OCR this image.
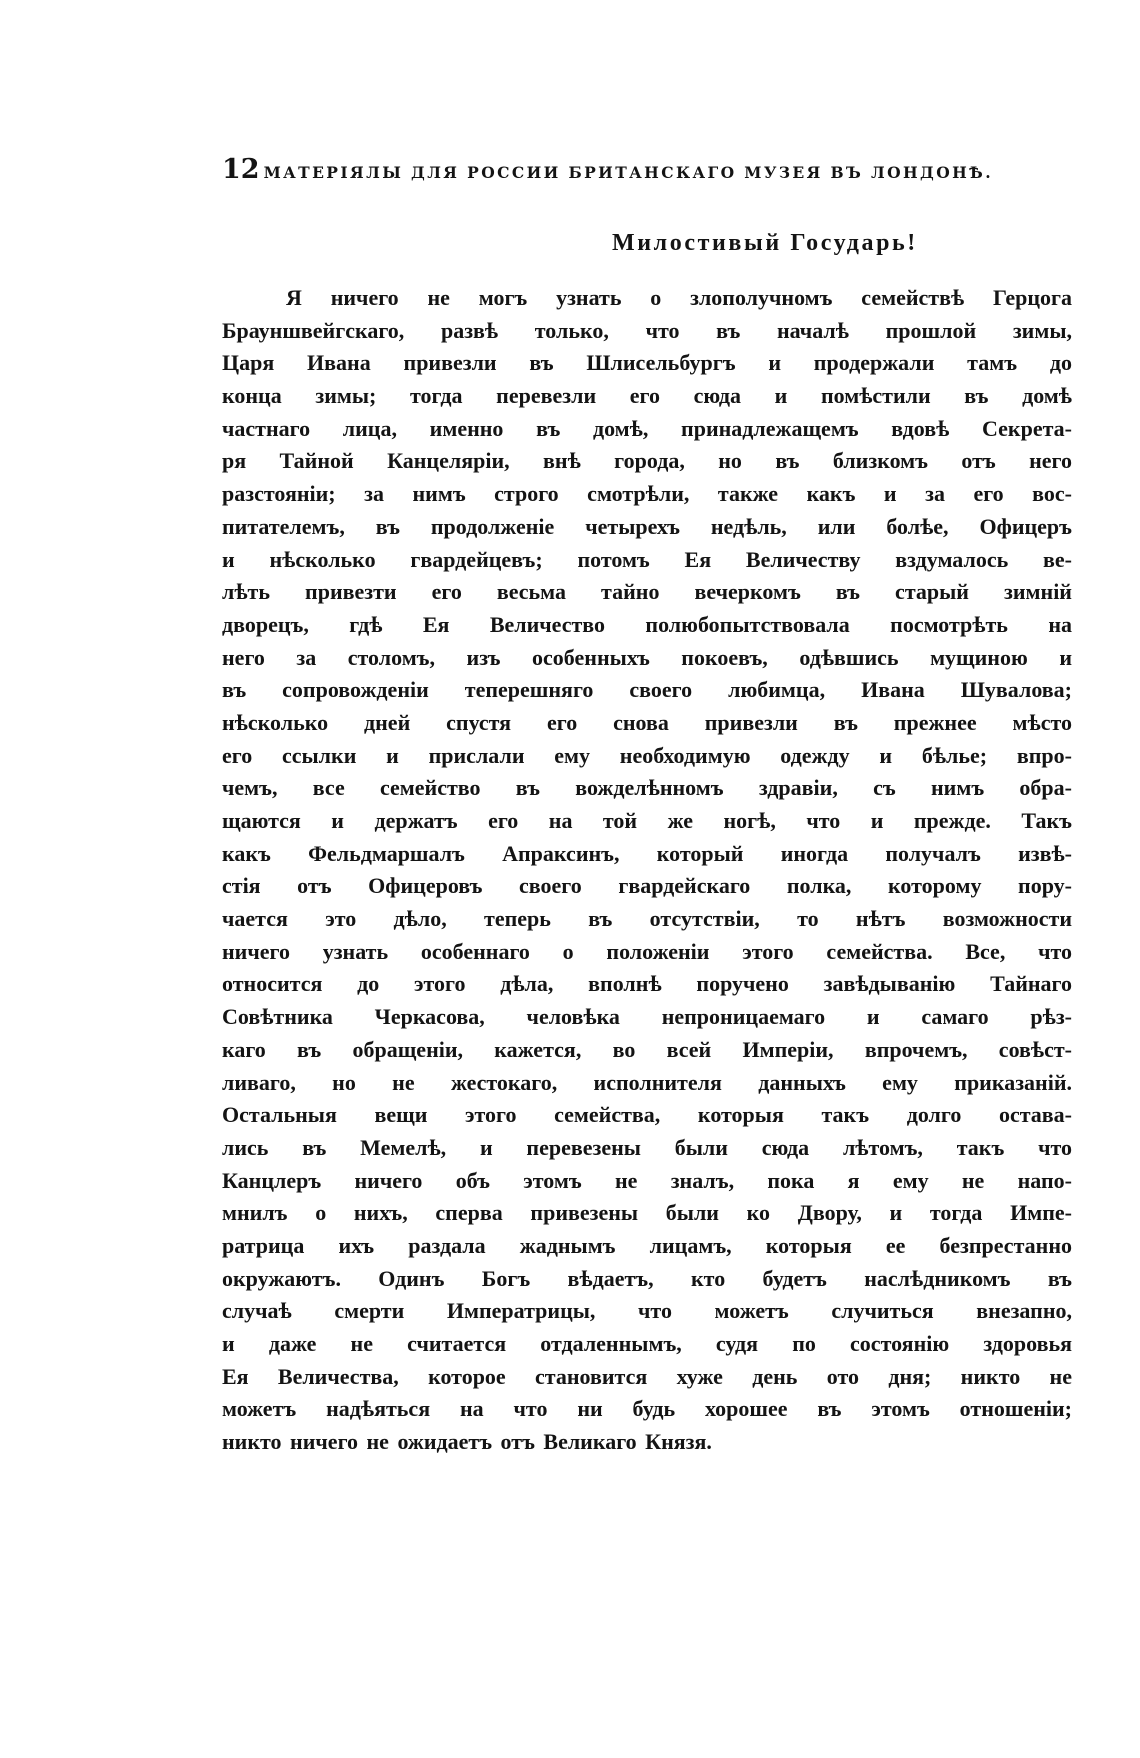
12 МАТЕРІЯЛЫ ДЛЯ РОССИИ БРИТАНСКАГО МУЗЕЯ ВЪ ЛОНДОНѢ.
Милостивый Государь!
Я ничего не могъ узнать о злополучномъ семействѣ Герцога
Брауншвейгскаго, развѣ только, что въ началѣ прошлой зимы,
Царя Ивана привезли въ Шлисельбургъ и продержали тамъ до
конца зимы; тогда перевезли его сюда и помѣстили въ домѣ
частнаго лица, именно въ домѣ, принадлежащемъ вдовѣ Секрета-
ря Тайной Канцеляріи, внѣ города, но въ близкомъ отъ него
разстояніи; за нимъ строго смотрѣли, также какъ и за его вос-
питателемъ, въ продолженіе четырехъ недѣль, или болѣе, Офицеръ
и нѣсколько гвардейцевъ; потомъ Ея Величеству вздумалось ве-
лѣть привезти его весьма тайно вечеркомъ въ старый зимній
дворецъ, гдѣ Ея Величество полюбопытствовала посмотрѣть на
него за столомъ, изъ особенныхъ покоевъ, одѣвшись мущиною и
въ сопровожденіи теперешняго своего любимца, Ивана Шувалова;
нѣсколько дней спустя его снова привезли въ прежнее мѣсто
его ссылки и прислали ему необходимую одежду и бѣлье; впро-
чемъ, все семейство въ вожделѣнномъ здравіи, съ нимъ обра-
щаются и держатъ его на той же ногѣ, что и прежде. Такъ
какъ Фельдмаршалъ Апраксинъ, который иногда получалъ извѣ-
стія отъ Офицеровъ своего гвардейскаго полка, которому пору-
чается это дѣло, теперь въ отсутствіи, то нѣтъ возможности
ничего узнать особеннаго о положеніи этого семейства. Все, что
относится до этого дѣла, вполнѣ поручено завѣдыванію Тайнаго
Совѣтника Черкасова, человѣка непроницаемаго и самаго рѣз-
каго въ обращеніи, кажется, во всей Имперіи, впрочемъ, совѣст-
ливаго, но не жестокаго, исполнителя данныхъ ему приказаній.
Остальныя вещи этого семейства, которыя такъ долго остава-
лись въ Мемелѣ, и перевезены были сюда лѣтомъ, такъ что
Канцлеръ ничего объ этомъ не зналъ, пока я ему не напо-
мнилъ о нихъ, сперва привезены были ко Двору, и тогда Импе-
ратрица ихъ раздала жаднымъ лицамъ, которыя ее безпрестанно
окружаютъ. Одинъ Богъ вѣдаетъ, кто будетъ наслѣдникомъ въ
случаѣ смерти Императрицы, что можетъ случиться внезапно,
и даже не считается отдаленнымъ, судя по состоянію здоровья
Ея Величества, которое становится хуже день ото дня; никто не
можетъ надѣяться на что ни будь хорошее въ этомъ отношеніи;
никто ничего не ожидаетъ отъ Великаго Князя.
